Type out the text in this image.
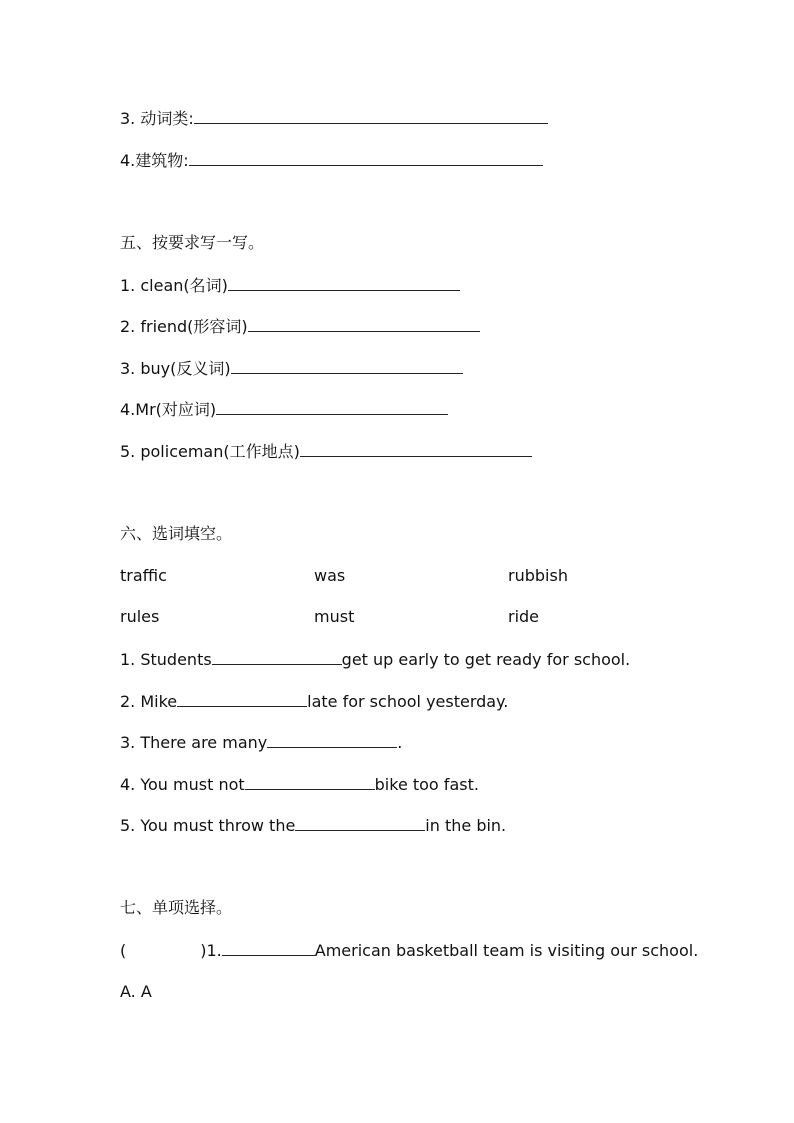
3. 动词类:
4.建筑物:
五、按要求写一写。
1. clean(名词)
2. friend(形容词)
3. buy(反义词)
4.Mr(对应词)
5. policeman(工作地点)
六、选词填空。
traffic	was	rubbish
rules	must	ride
1. Students	get up early to get ready for school.
2. Mike	late for school yesterday.
3. There are many	.
4. You must not	bike too fast.
5. You must throw the	in the bin.
七、单项选择。
(	)1.	American basketball team is visiting our school.
A. A
